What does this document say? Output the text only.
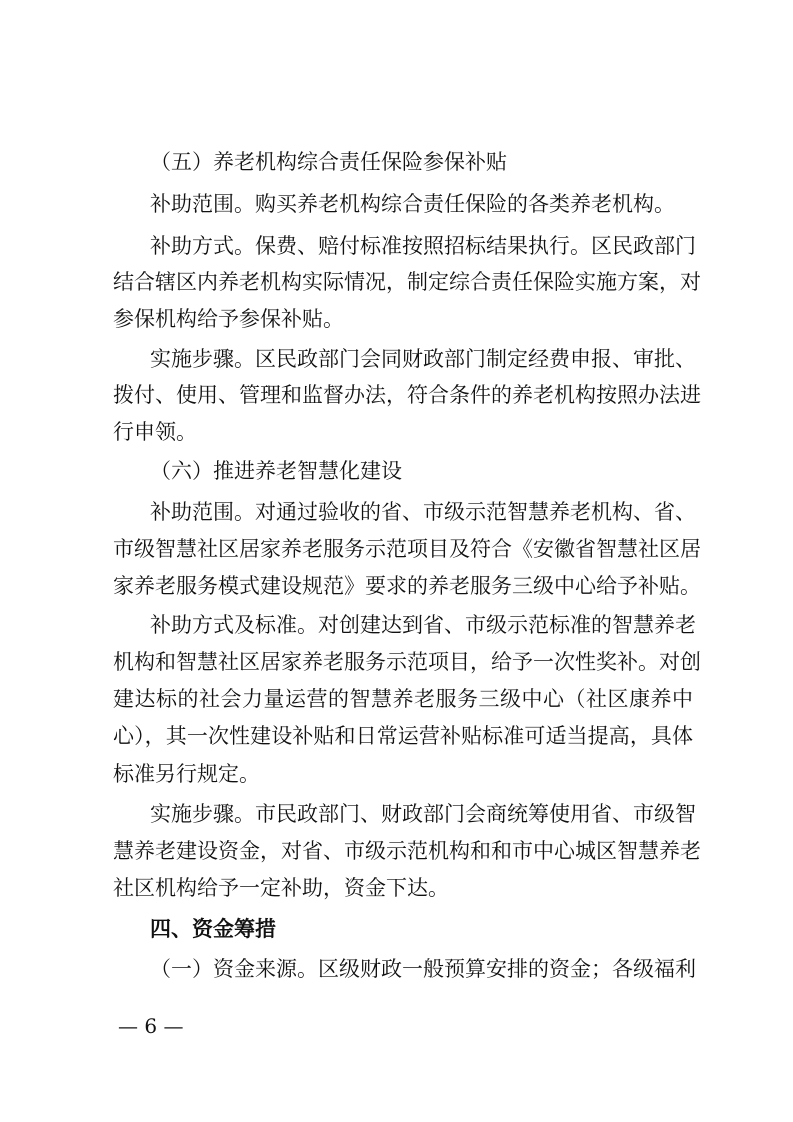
（五）养老机构综合责任保险参保补贴
补助范围。购买养老机构综合责任保险的各类养老机构。
补助方式。保费、赔付标准按照招标结果执行。区民政部门
结合辖区内养老机构实际情况，制定综合责任保险实施方案，对
参保机构给予参保补贴。
实施步骤。区民政部门会同财政部门制定经费申报、审批、
拨付、使用、管理和监督办法，符合条件的养老机构按照办法进
行申领。
（六）推进养老智慧化建设
补助范围。对通过验收的省、市级示范智慧养老机构、省、
市级智慧社区居家养老服务示范项目及符合《安徽省智慧社区居
家养老服务模式建设规范》要求的养老服务三级中心给予补贴。
补助方式及标准。对创建达到省、市级示范标准的智慧养老
机构和智慧社区居家养老服务示范项目，给予一次性奖补。对创
建达标的社会力量运营的智慧养老服务三级中心（社区康养中
心），其一次性建设补贴和日常运营补贴标准可适当提高，具体
标准另行规定。
实施步骤。市民政部门、财政部门会商统筹使用省、市级智
慧养老建设资金，对省、市级示范机构和和市中心城区智慧养老
社区机构给予一定补助，资金下达。
四、资金筹措
（一）资金来源。区级财政一般预算安排的资金；各级福利
— 6 —
